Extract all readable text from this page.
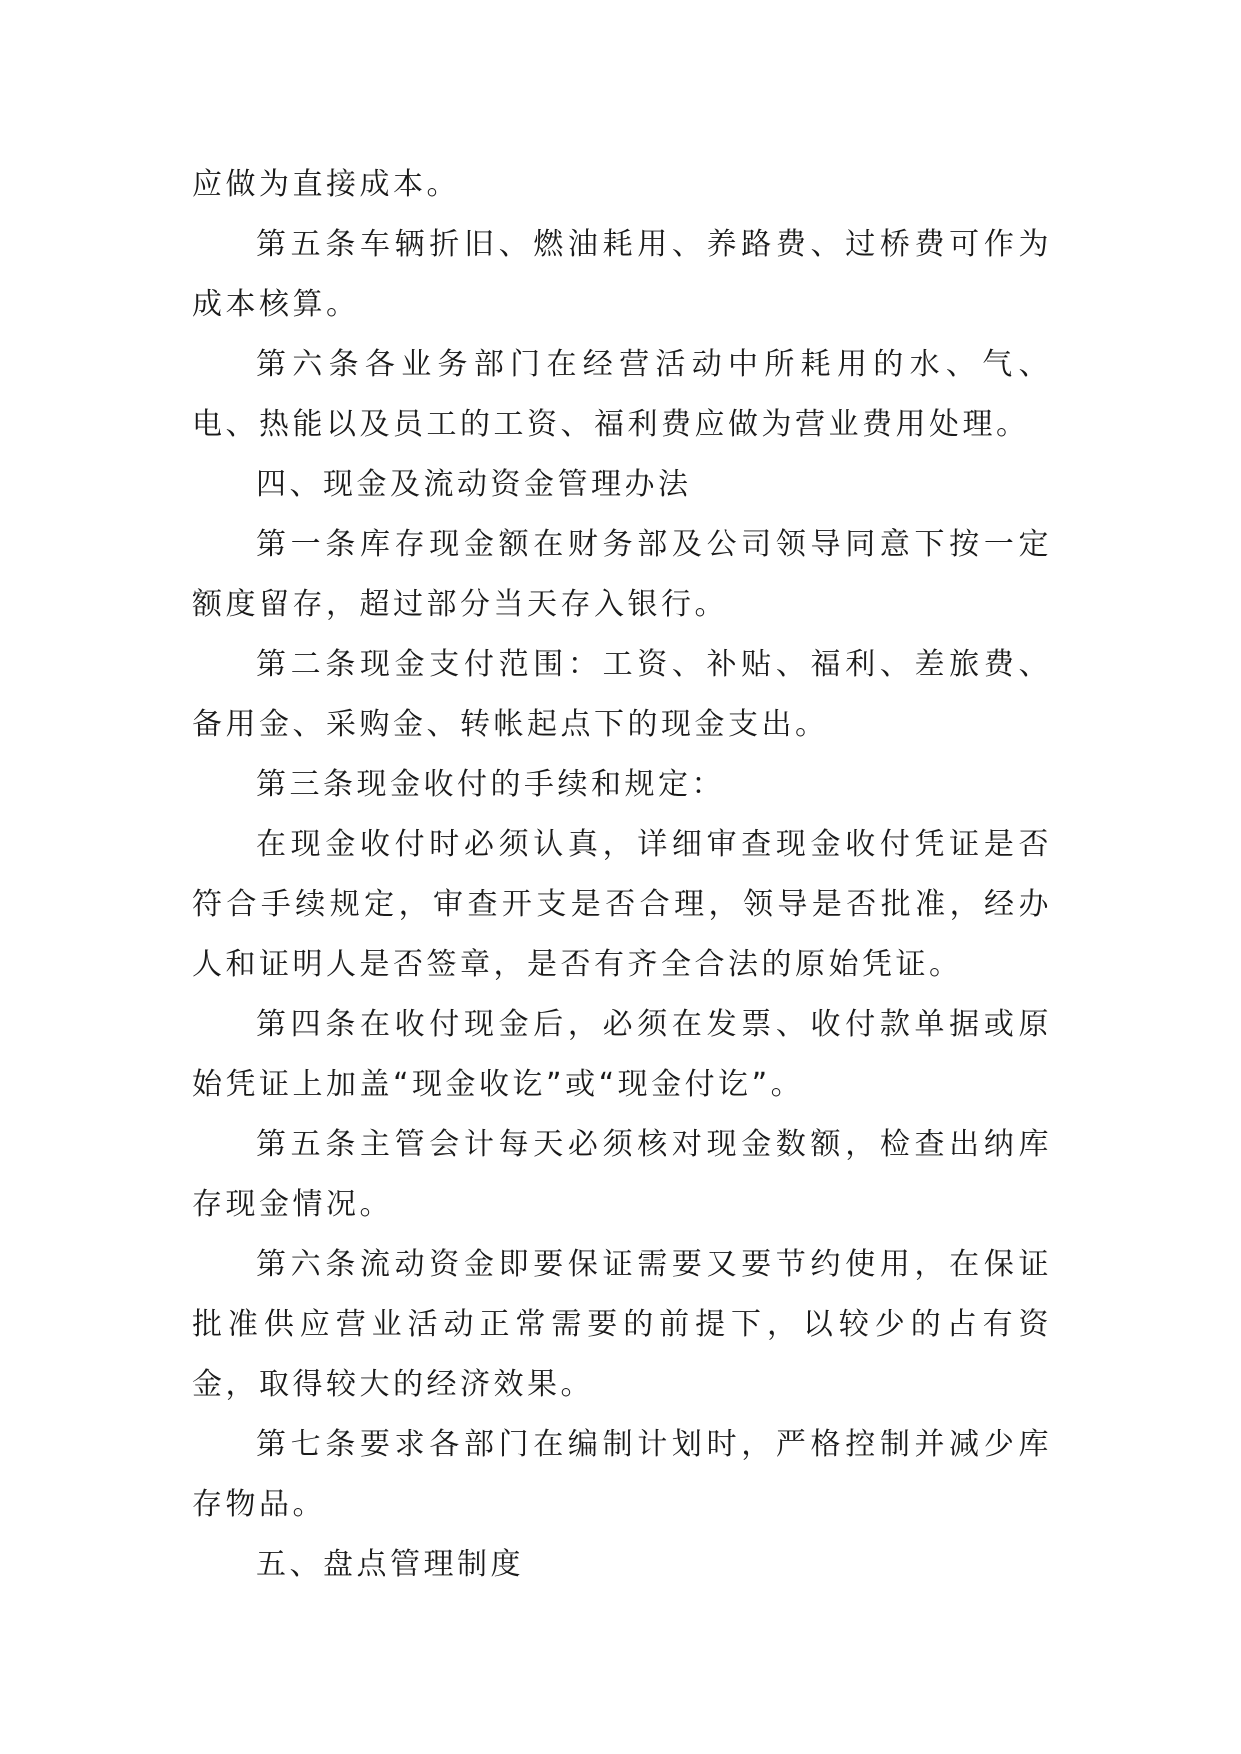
应做为直接成本。

第五条车辆折旧、燃油耗用、养路费、过桥费可作为成本核算。

第六条各业务部门在经营活动中所耗用的水、气、电、热能以及员工的工资、福利费应做为营业费用处理。

四、现金及流动资金管理办法

第一条库存现金额在财务部及公司领导同意下按一定额度留存，超过部分当天存入银行。

第二条现金支付范围：工资、补贴、福利、差旅费、备用金、采购金、转帐起点下的现金支出。

第三条现金收付的手续和规定：

在现金收付时必须认真，详细审查现金收付凭证是否符合手续规定，审查开支是否合理，领导是否批准，经办人和证明人是否签章，是否有齐全合法的原始凭证。

第四条在收付现金后，必须在发票、收付款单据或原始凭证上加盖“现金收讫”或“现金付讫”。

第五条主管会计每天必须核对现金数额，检查出纳库存现金情况。

第六条流动资金即要保证需要又要节约使用，在保证批准供应营业活动正常需要的前提下，以较少的占有资金，取得较大的经济效果。

第七条要求各部门在编制计划时，严格控制并减少库存物品。

五、盘点管理制度
